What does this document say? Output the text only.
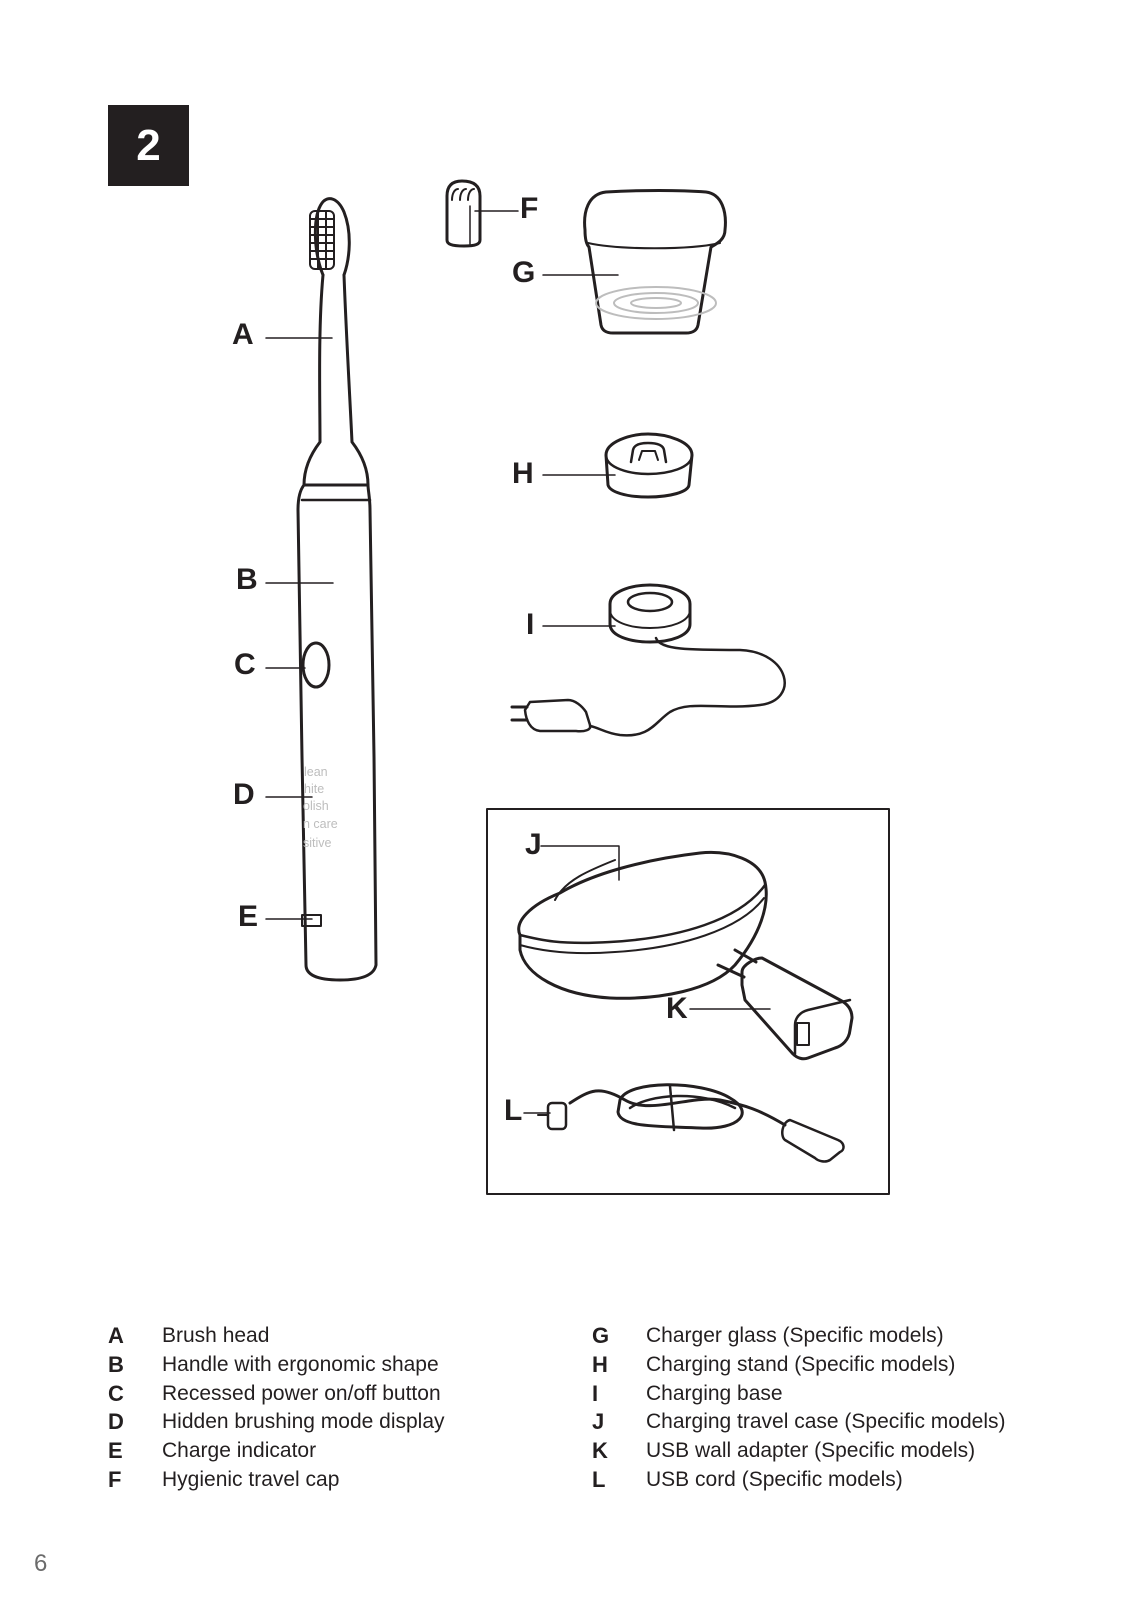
2
lean
hite
olish
n care
sitive
A
B
C
D
E
F
G
H
I
J
K
L
A	Brush head
B	Handle with ergonomic shape
C	Recessed power on/off button
D	Hidden brushing mode display
E	Charge indicator
F	Hygienic travel cap
G	Charger glass (Specific models)
H	Charging stand (Specific models)
I	Charging base
J	Charging travel case (Specific models)
K	USB wall adapter (Specific models)
L	USB cord (Specific models)
6
